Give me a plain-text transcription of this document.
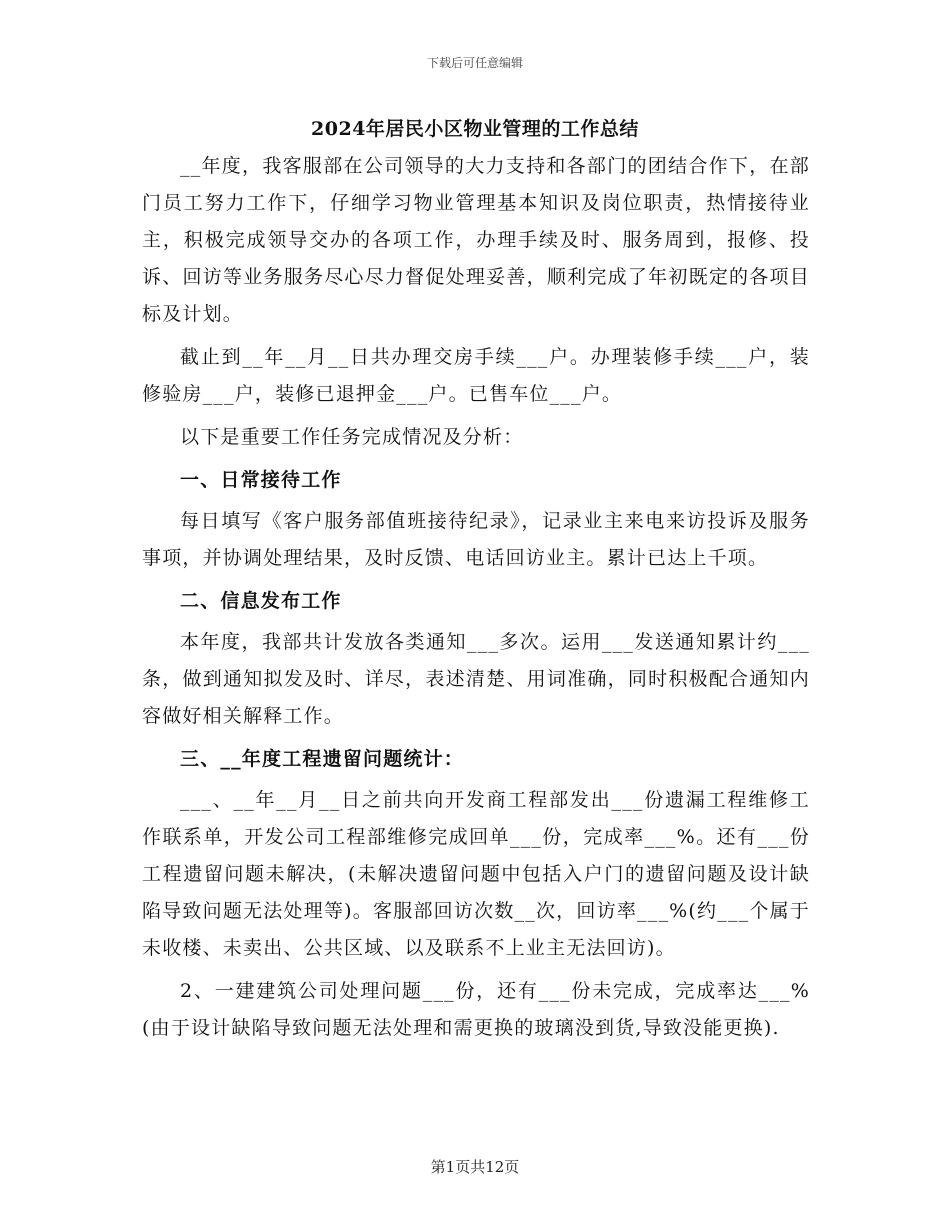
下载后可任意编辑
2024年居民小区物业管理的工作总结

__年度，我客服部在公司领导的大力支持和各部门的团结合作下，在部门员工努力工作下，仔细学习物业管理基本知识及岗位职责，热情接待业主，积极完成领导交办的各项工作，办理手续及时、服务周到，报修、投诉、回访等业务服务尽心尽力督促处理妥善，顺利完成了年初既定的各项目标及计划。

截止到__年__月__日共办理交房手续___户。办理装修手续___户，装修验房___户，装修已退押金___户。已售车位___户。

以下是重要工作任务完成情况及分析：

一、日常接待工作

每日填写《客户服务部值班接待纪录》，记录业主来电来访投诉及服务事项，并协调处理结果，及时反馈、电话回访业主。累计已达上千项。

二、信息发布工作

本年度，我部共计发放各类通知___多次。运用___发送通知累计约___条，做到通知拟发及时、详尽，表述清楚、用词准确，同时积极配合通知内容做好相关解释工作。

三、__年度工程遗留问题统计：

___、__年__月__日之前共向开发商工程部发出___份遗漏工程维修工作联系单，开发公司工程部维修完成回单___份，完成率___%。还有___份工程遗留问题未解决，(未解决遗留问题中包括入户门的遗留问题及设计缺陷导致问题无法处理等)。客服部回访次数__次，回访率___%(约___个属于未收楼、未卖出、公共区域、以及联系不上业主无法回访)。

2、一建建筑公司处理问题___份，还有___份未完成，完成率达___%(由于设计缺陷导致问题无法处理和需更换的玻璃没到货,导致没能更换).

第1页共12页
